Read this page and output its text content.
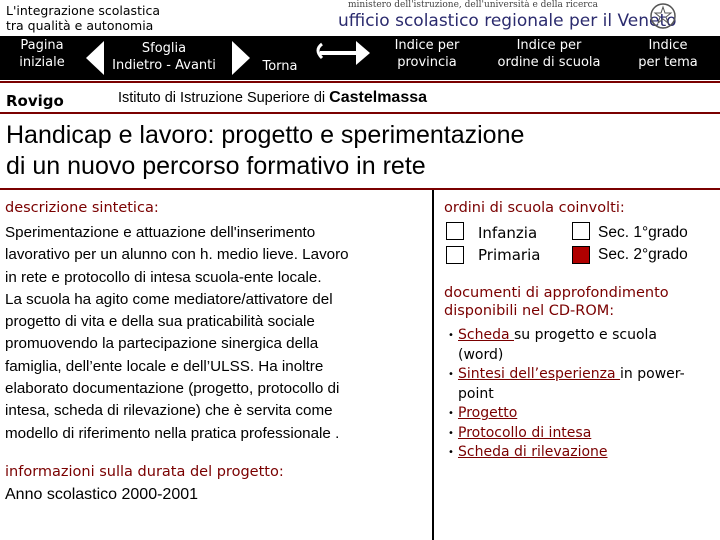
L'integrazione scolastica
tra qualità e autonomia
ministero dell'istruzione, dell'università e della ricerca
ufficio scolastico regionale per il Veneto
Pagina
iniziale
Sfoglia
Indietro - Avanti	Torna
Indice per
provincia
Indice per
ordine di scuola
Indice
per tema
Rovigo	Istituto di Istruzione Superiore di Castelmassa
Handicap e lavoro: progetto e sperimentazione
di un nuovo percorso formativo in rete
descrizione sintetica:
Sperimentazione e attuazione dell'inserimento
lavorativo per un alunno con h. medio lieve. Lavoro
in rete e protocollo di intesa scuola-ente locale.
La scuola ha agito come mediatore/attivatore del
progetto di vita e della sua praticabilità sociale
promuovendo la partecipazione sinergica della
famiglia, dell’ente locale e dell’ULSS. Ha inoltre
elaborato documentazione (progetto, protocollo di
intesa, scheda di rilevazione) che è servita come
modello di riferimento nella pratica professionale .
informazioni sulla durata del progetto:
Anno scolastico 2000-2001
ordini di scuola coinvolti:
Infanzia	Sec. 1°grado
Primaria	Sec. 2°grado
documenti di approfondimento
disponibili nel CD-ROM:
• Scheda su progetto e scuola
(word)
• Sintesi dell’esperienza in power-
point
• Progetto
• Protocollo di intesa
• Scheda di rilevazione
